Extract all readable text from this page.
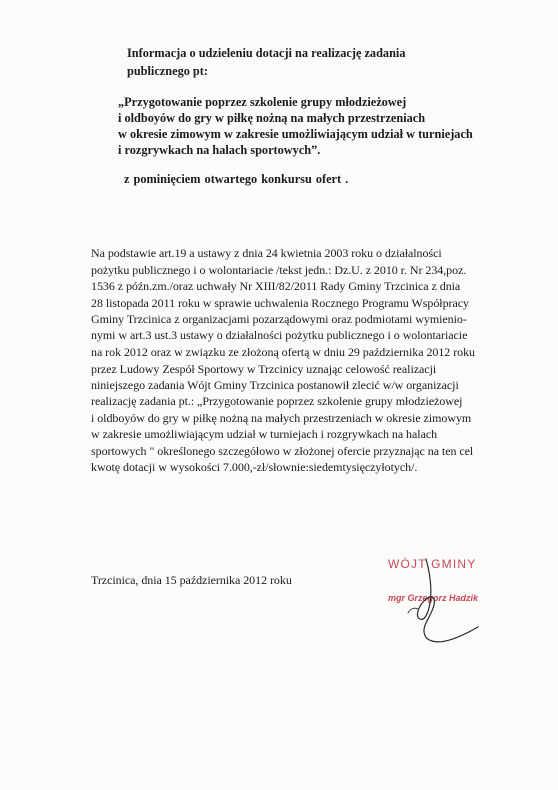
Informacja o udzieleniu dotacji na realizację zadania
publicznego pt:
„Przygotowanie poprzez szkolenie grupy młodzieżowej
i oldboyów do gry w piłkę nożną na małych przestrzeniach
w okresie zimowym w zakresie umożliwiającym udział w turniejach
i rozgrywkach na halach sportowych”.
z pominięciem otwartego konkursu ofert .
Na podstawie art.19 a ustawy z dnia 24 kwietnia 2003 roku o działalności
pożytku publicznego i o wolontariacie /tekst jedn.: Dz.U. z 2010 r. Nr 234,poz.
1536 z późn.zm./oraz uchwały Nr XIII/82/2011 Rady Gminy Trzcinica z dnia
28 listopada 2011 roku w sprawie uchwalenia Rocznego Programu Współpracy
Gminy Trzcinica z organizacjami pozarządowymi oraz podmiotami wymienio-
nymi w art.3 ust.3 ustawy o działalności pożytku publicznego i o wolontariacie
na rok 2012 oraz w związku ze złożoną ofertą w dniu 29 października 2012 roku
przez Ludowy Zespół Sportowy w Trzcinicy uznając celowość realizacji
niniejszego zadania Wójt Gminy Trzcinica postanowił zlecić w/w organizacji
realizację zadania pt.: „Przygotowanie poprzez szkolenie grupy młodzieżowej
i oldboyów do gry w piłkę nożną na małych przestrzeniach w okresie zimowym
w zakresie umożliwiającym udział w turniejach i rozgrywkach na halach
sportowych " określonego szczegółowo w złożonej ofercie przyznając na ten cel
kwotę dotacji w wysokości 7.000,-zł/słownie:siedemtysięczyłotych/.
Trzcinica, dnia 15 października 2012 roku
WÓJT GMINY
mgr Grzegorz Hadzik
